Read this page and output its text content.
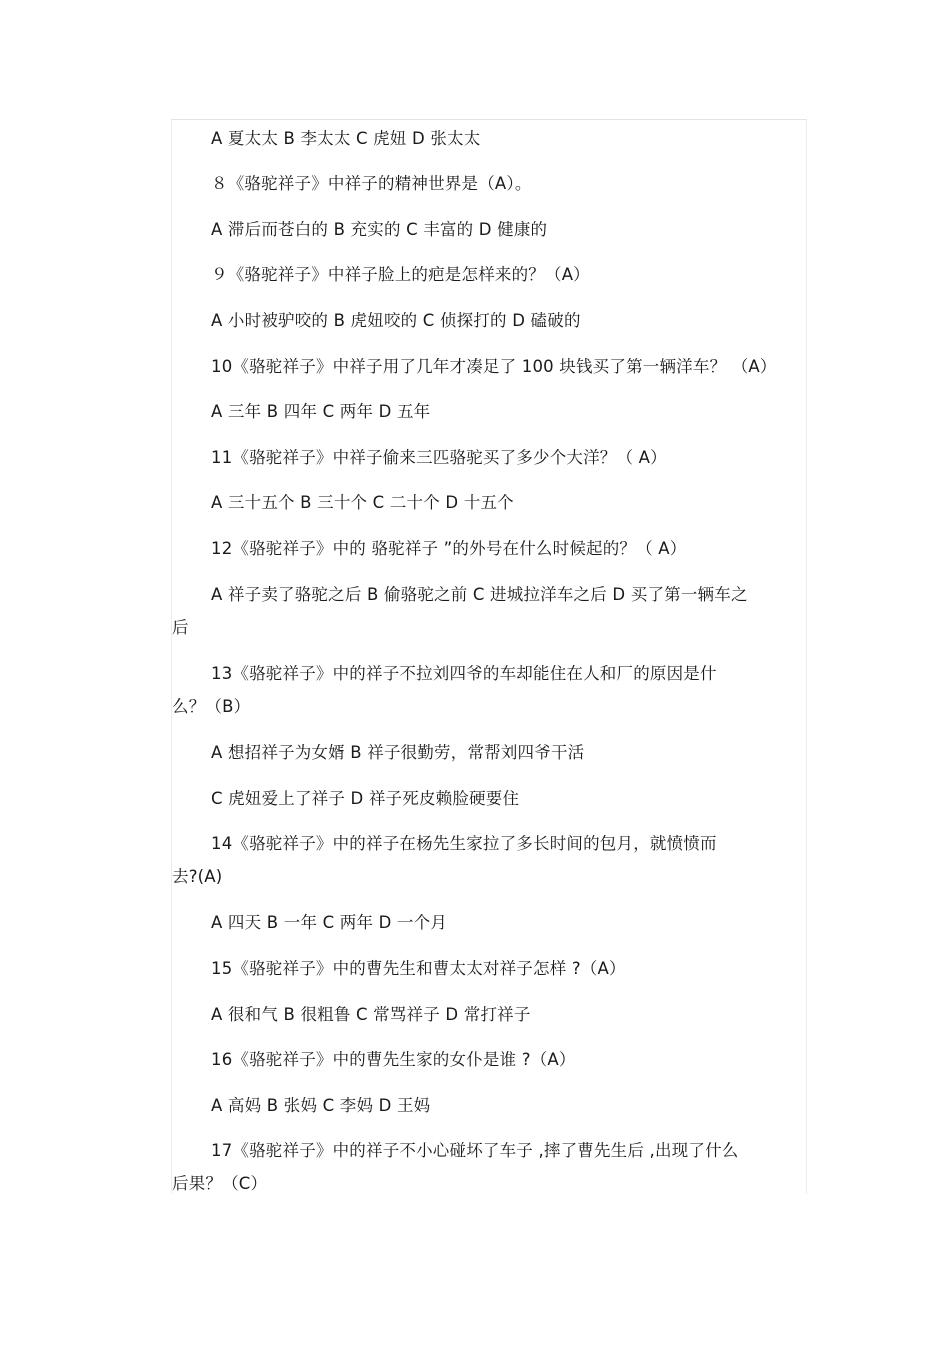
A 夏太太 B 李太太 C 虎妞 D 张太太
８《骆驼祥子》中祥子的精神世界是（A）。
A 滞后而苍白的 B 充实的 C 丰富的 D 健康的
９《骆驼祥子》中祥子脸上的疤是怎样来的？（A）
A 小时被驴咬的 B 虎妞咬的 C 侦探打的 D 磕破的
10《骆驼祥子》中祥子用了几年才凑足了 100 块钱买了第一辆洋车？ （A）
A 三年 B 四年 C 两年 D 五年
11《骆驼祥子》中祥子偷来三匹骆驼买了多少个大洋？（ A）
A 三十五个 B 三十个 C 二十个 D 十五个
12《骆驼祥子》中的 骆驼祥子 ”的外号在什么时候起的？（ A）
A 祥子卖了骆驼之后 B 偷骆驼之前 C 进城拉洋车之后 D 买了第一辆车之
后
13《骆驼祥子》中的祥子不拉刘四爷的车却能住在人和厂的原因是什
么？（B）
A 想招祥子为女婿 B 祥子很勤劳，常帮刘四爷干活
C 虎妞爱上了祥子 D 祥子死皮赖脸硬要住
14《骆驼祥子》中的祥子在杨先生家拉了多长时间的包月，就愤愤而
去?(A)
A 四天 B 一年 C 两年 D 一个月
15《骆驼祥子》中的曹先生和曹太太对祥子怎样 ?（A）
A 很和气 B 很粗鲁 C 常骂祥子 D 常打祥子
16《骆驼祥子》中的曹先生家的女仆是谁 ?（A）
A 高妈 B 张妈 C 李妈 D 王妈
17《骆驼祥子》中的祥子不小心碰坏了车子 ,摔了曹先生后 ,出现了什么
后果？（C）
